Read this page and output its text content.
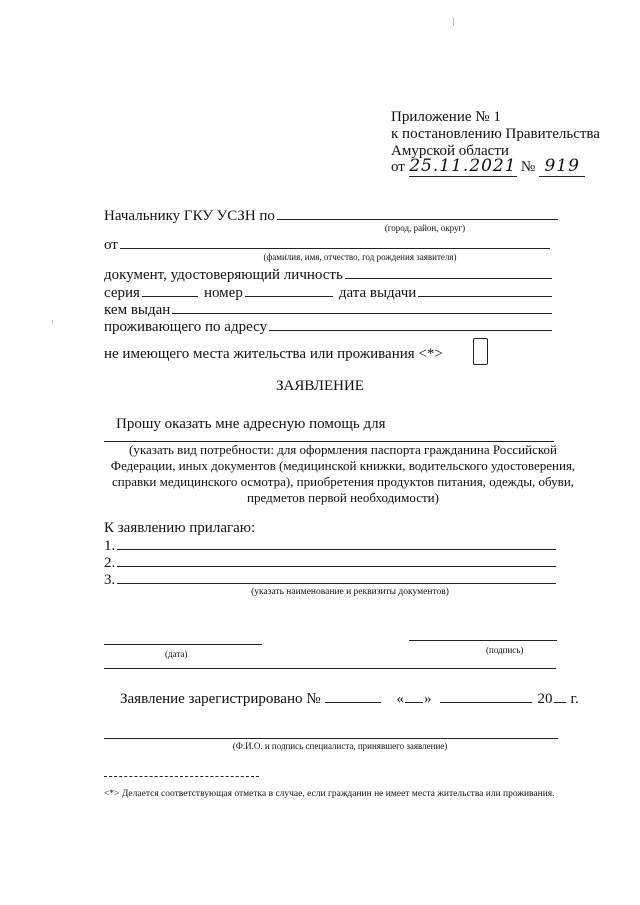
Приложение № 1
к постановлению Правительства
Амурской области
от 25.11.2021 № 919
Начальнику ГКУ УСЗН по
(город, район, округ)
от
(фамилия, имя, отчество, год рождения заявителя)
документ, удостоверяющий личность
серия	номер	дата выдачи
кем выдан
проживающего по адресу
не имеющего места жительства или проживания <*>
ЗАЯВЛЕНИЕ
Прошу оказать мне адресную помощь для
(указать вид потребности: для оформления паспорта гражданина Российской Федерации, иных документов (медицинской книжки, водительского удостоверения, справки медицинского осмотра), приобретения продуктов питания, одежды, обуви, предметов первой необходимости)
К заявлению прилагаю:
1.
2.
3.
(указать наименование и реквизиты документов)
(дата)	(подпись)
Заявление зарегистрировано №	« »	20 г.
(Ф.И.О. и подпись специалиста, принявшего заявление)
<*> Делается соответствующая отметка в случае, если гражданин не имеет места жительства или проживания.
